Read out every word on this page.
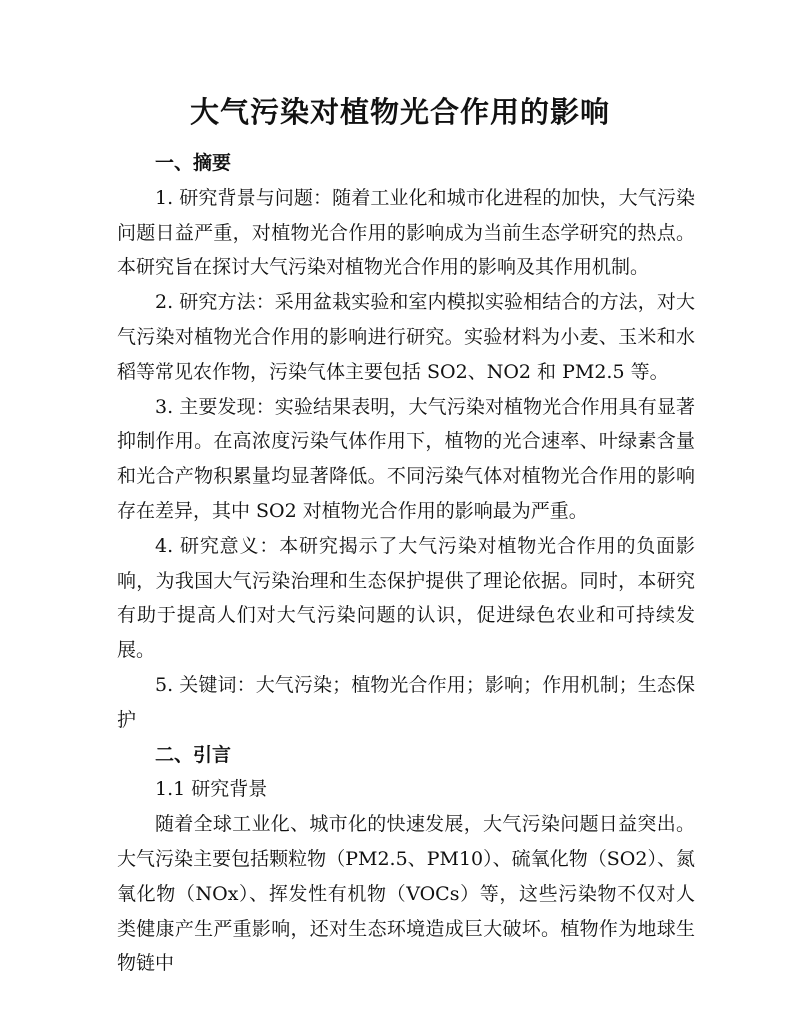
大气污染对植物光合作用的影响

一、摘要

1. 研究背景与问题：随着工业化和城市化进程的加快，大气污染问题日益严重，对植物光合作用的影响成为当前生态学研究的热点。本研究旨在探讨大气污染对植物光合作用的影响及其作用机制。

2. 研究方法：采用盆栽实验和室内模拟实验相结合的方法，对大气污染对植物光合作用的影响进行研究。实验材料为小麦、玉米和水稻等常见农作物，污染气体主要包括 SO2、NO2 和 PM2.5 等。

3. 主要发现：实验结果表明，大气污染对植物光合作用具有显著抑制作用。在高浓度污染气体作用下，植物的光合速率、叶绿素含量和光合产物积累量均显著降低。不同污染气体对植物光合作用的影响存在差异，其中 SO2 对植物光合作用的影响最为严重。

4. 研究意义：本研究揭示了大气污染对植物光合作用的负面影响，为我国大气污染治理和生态保护提供了理论依据。同时，本研究有助于提高人们对大气污染问题的认识，促进绿色农业和可持续发展。

5. 关键词：大气污染；植物光合作用；影响；作用机制；生态保护

二、引言

1.1 研究背景

随着全球工业化、城市化的快速发展，大气污染问题日益突出。大气污染主要包括颗粒物（PM2.5、PM10）、硫氧化物（SO2）、氮氧化物（NOx）、挥发性有机物（VOCs）等，这些污染物不仅对人类健康产生严重影响，还对生态环境造成巨大破坏。植物作为地球生物链中
